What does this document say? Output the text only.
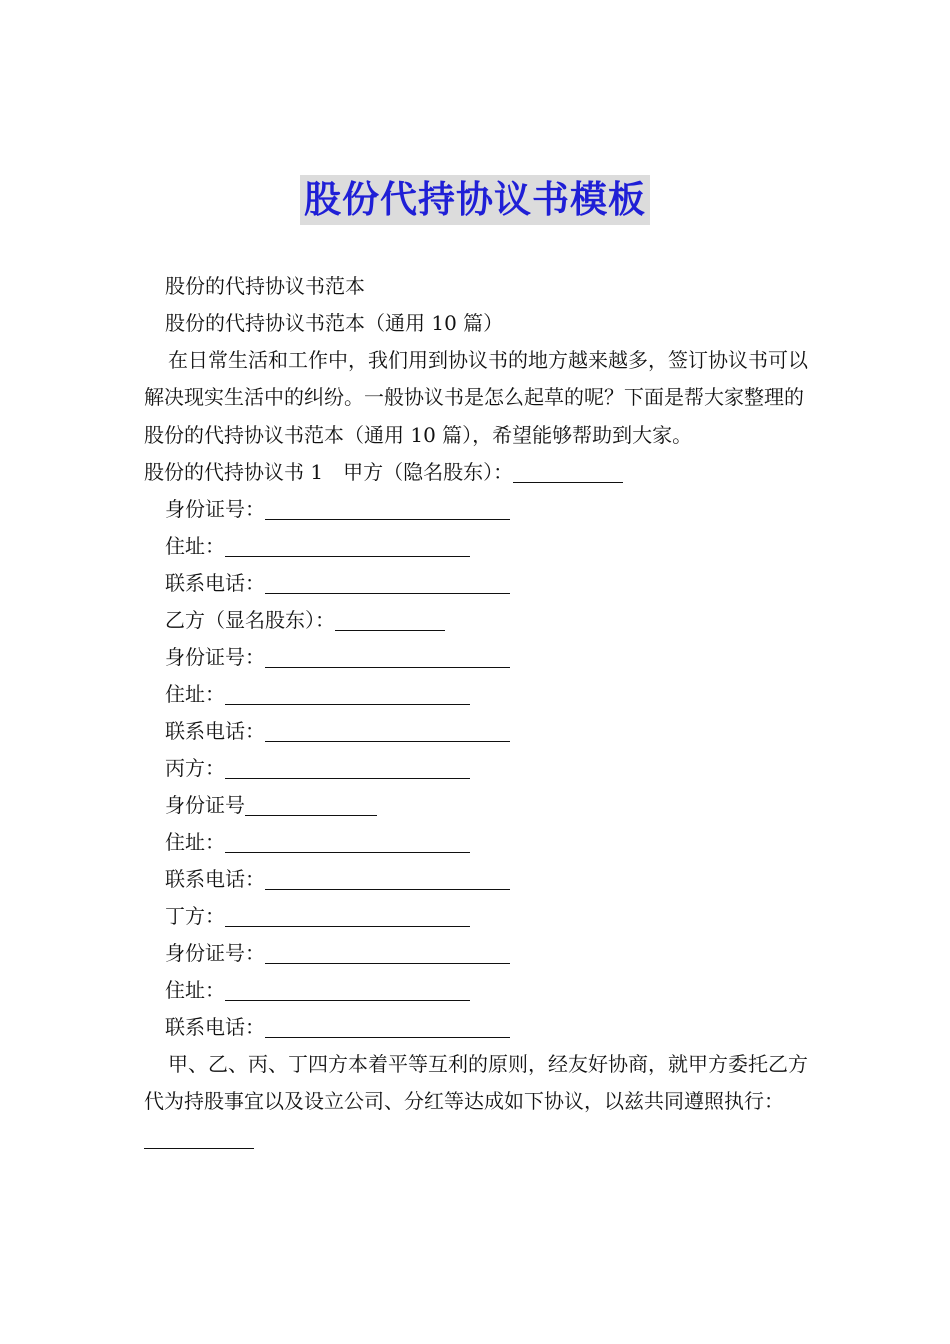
股份代持协议书模板
股份的代持协议书范本
股份的代持协议书范本（通用 10 篇）

在日常生活和工作中，我们用到协议书的地方越来越多，签订协议书可以解决现实生活中的纠纷。一般协议书是怎么起草的呢？下面是帮大家整理的股份的代持协议书范本（通用 10 篇），希望能够帮助到大家。

股份的代持协议书 1　甲方（隐名股东）：
身份证号：
住址：
联系电话：
乙方（显名股东）：
身份证号：
住址：
联系电话：
丙方：
身份证号
住址：
联系电话：
丁方：
身份证号：
住址：
联系电话：

甲、乙、丙、丁四方本着平等互利的原则，经友好协商，就甲方委托乙方代为持股事宜以及设立公司、分红等达成如下协议，以兹共同遵照执行：
